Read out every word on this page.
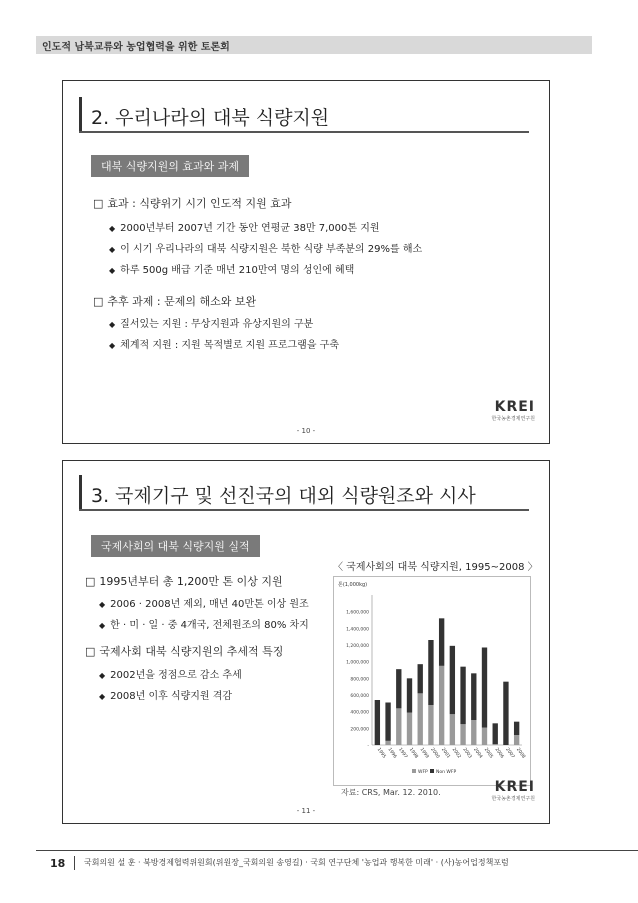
인도적 남북교류와 농업협력을 위한 토론회
2. 우리나라의 대북 식량지원
대북 식량지원의 효과와 과제
□ 효과 : 식량위기 시기 인도적 지원 효과
◆ 2000년부터 2007년 기간 동안 연평균 38만 7,000톤 지원
◆ 이 시기 우리나라의 대북 식량지원은 북한 식량 부족분의 29%를 해소
◆ 하루 500g 배급 기준 매년 210만여 명의 성인에 혜택
□ 추후 과제 : 문제의 해소와 보완
◆ 질서있는 지원 : 무상지원과 유상지원의 구분
◆ 체계적 지원 : 지원 목적별로 지원 프로그램을 구축
KREI
한국농촌경제연구원
- 10 -
3. 국제기구 및 선진국의 대외 식량원조와 시사
국제사회의 대북 식량지원 실적
□ 1995년부터 총 1,200만 톤 이상 지원
◆ 2006 · 2008년 제외, 매년 40만톤 이상 원조
◆ 한 · 미 · 일 · 중 4개국, 전체원조의 80% 차지
□ 국제사회 대북 식량지원의 추세적 특징
◆ 2002년을 정점으로 감소 추세
◆ 2008년 이후 식량지원 격감
〈 국제사회의 대북 식량지원, 1995~2008 〉
톤(1,000kg)
-
200,000
400,000
600,000
800,000
1,000,000
1,200,000
1,400,000
1,600,000
1995 1996 1997 1998 1999 2000 2001 2002 2003 2004 2005 2006 2007 2008
WFP Non WFP
자료: CRS, Mar. 12. 2010.	KREI
한국농촌경제연구원
- 11 -
18 국회의원 설 훈 · 북방경제협력위원회(위원장_국회의원 송영길) · 국회 연구단체 '농업과 행복한 미래' · (사)농어업정책포럼
